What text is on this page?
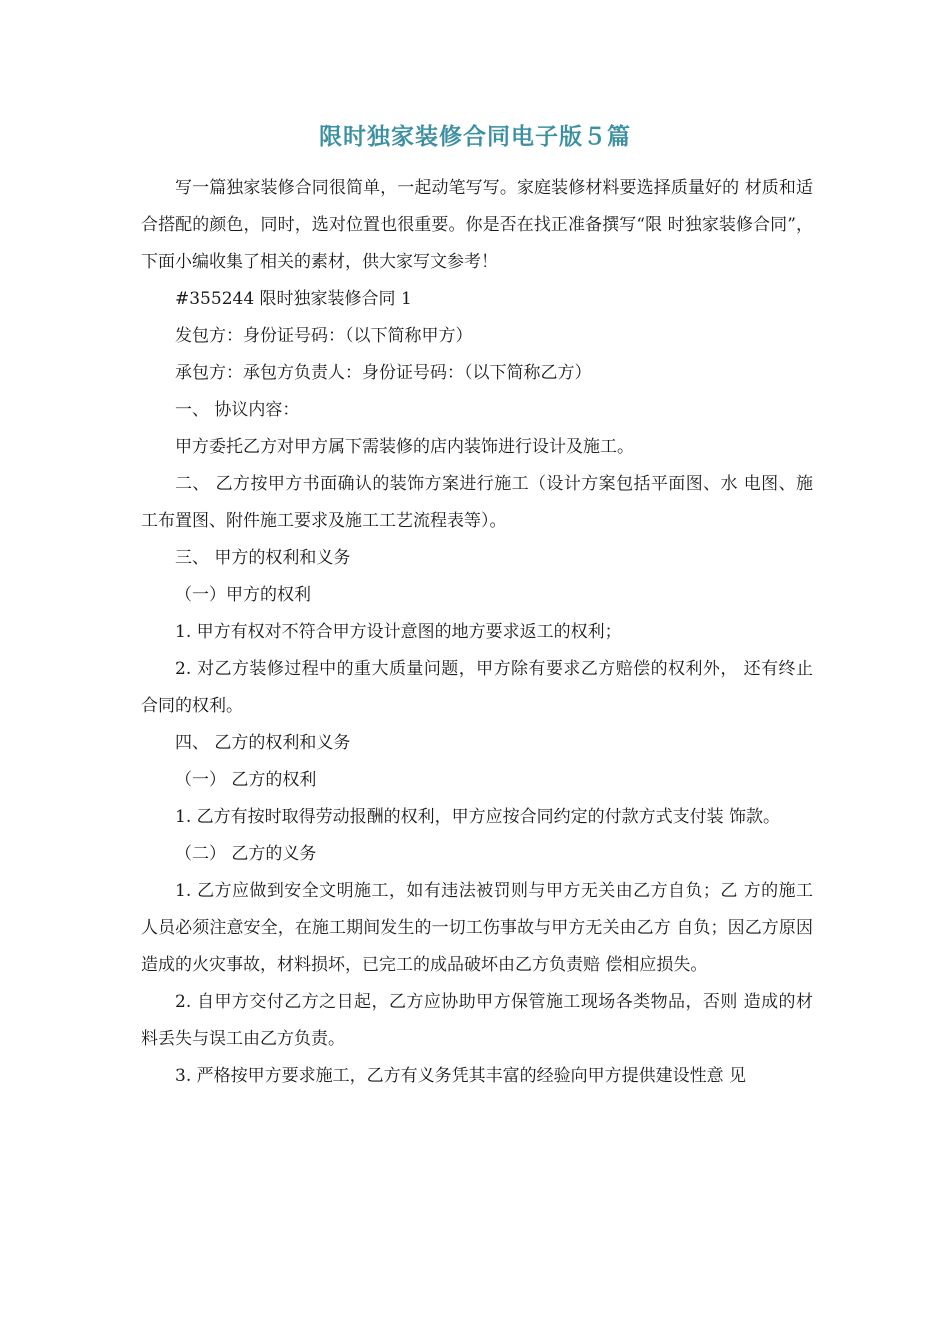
限时独家装修合同电子版５篇

写一篇独家装修合同很简单，一起动笔写写。家庭装修材料要选择质量好的 材质和适合搭配的颜色，同时，选对位置也很重要。你是否在找正准备撰写“限 时独家装修合同”，下面小编收集了相关的素材，供大家写文参考！

#355244 限时独家装修合同 1

发包方：身份证号码：（以下简称甲方）

承包方：承包方负责人：身份证号码：（以下简称乙方）

一、 协议内容：

甲方委托乙方对甲方属下需装修的店内装饰进行设计及施工。

二、 乙方按甲方书面确认的装饰方案进行施工（设计方案包括平面图、水 电图、施工布置图、附件施工要求及施工工艺流程表等）。

三、 甲方的权利和义务

（一）甲方的权利

1. 甲方有权对不符合甲方设计意图的地方要求返工的权利；

2. 对乙方装修过程中的重大质量问题，甲方除有要求乙方赔偿的权利外， 还有终止合同的权利。

四、 乙方的权利和义务

（一） 乙方的权利

1. 乙方有按时取得劳动报酬的权利，甲方应按合同约定的付款方式支付装 饰款。

（二） 乙方的义务

1. 乙方应做到安全文明施工，如有违法被罚则与甲方无关由乙方自负；乙 方的施工人员必须注意安全，在施工期间发生的一切工伤事故与甲方无关由乙方 自负；因乙方原因造成的火灾事故，材料损坏，已完工的成品破坏由乙方负责赔 偿相应损失。

2. 自甲方交付乙方之日起，乙方应协助甲方保管施工现场各类物品，否则 造成的材料丢失与误工由乙方负责。

3. 严格按甲方要求施工，乙方有义务凭其丰富的经验向甲方提供建设性意 见
